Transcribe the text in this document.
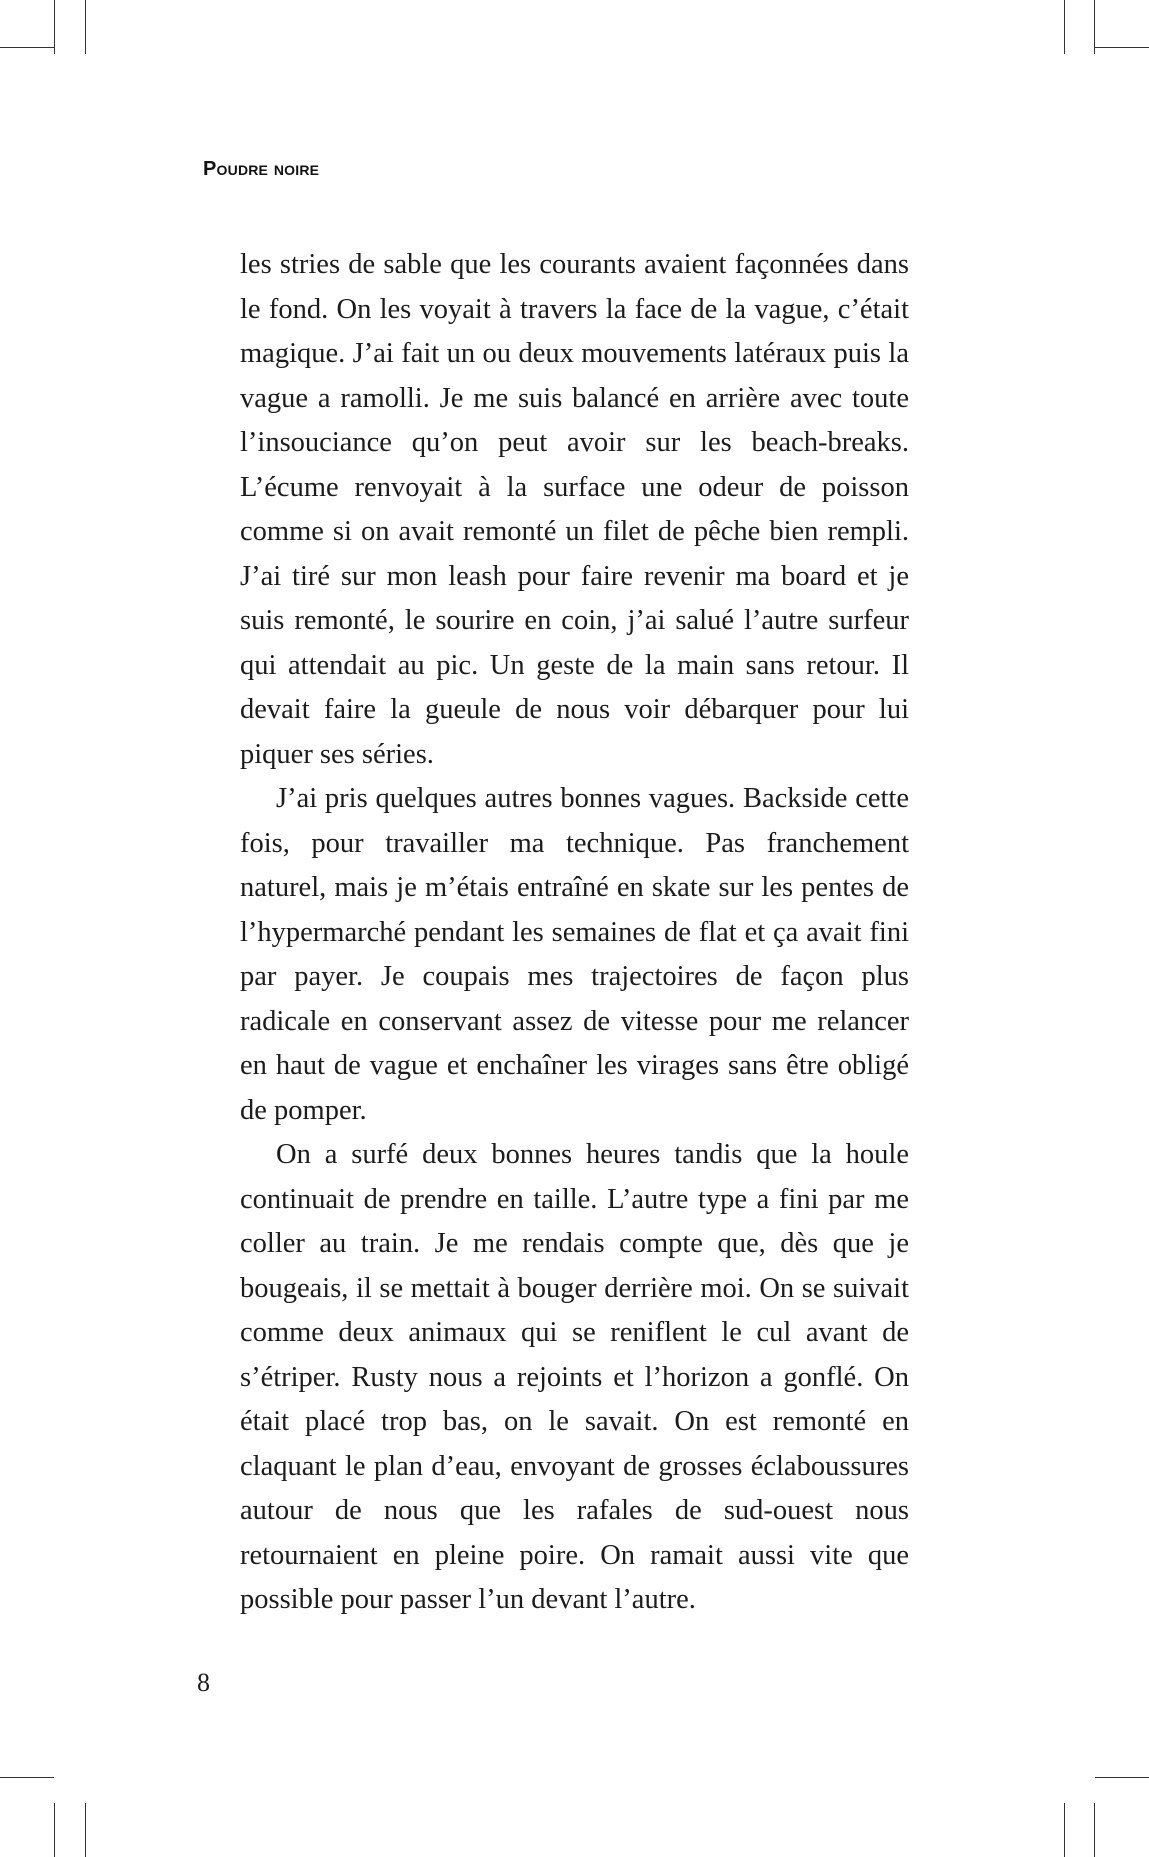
Poudre noire

les stries de sable que les courants avaient façonnées dans le fond. On les voyait à travers la face de la vague, c’était magique. J’ai fait un ou deux mouvements latéraux puis la vague a ramolli. Je me suis balancé en arrière avec toute l’insouciance qu’on peut avoir sur les beach-breaks. L’écume renvoyait à la surface une odeur de poisson comme si on avait remonté un filet de pêche bien rempli. J’ai tiré sur mon leash pour faire revenir ma board et je suis remonté, le sourire en coin, j’ai salué l’autre surfeur qui attendait au pic. Un geste de la main sans retour. Il devait faire la gueule de nous voir débarquer pour lui piquer ses séries.

J’ai pris quelques autres bonnes vagues. Backside cette fois, pour travailler ma technique. Pas franchement naturel, mais je m’étais entraîné en skate sur les pentes de l’hypermarché pendant les semaines de flat et ça avait fini par payer. Je coupais mes trajectoires de façon plus radicale en conservant assez de vitesse pour me relancer en haut de vague et enchaîner les virages sans être obligé de pomper.

On a surfé deux bonnes heures tandis que la houle continuait de prendre en taille. L’autre type a fini par me coller au train. Je me rendais compte que, dès que je bougeais, il se mettait à bouger derrière moi. On se suivait comme deux animaux qui se reniflent le cul avant de s’étriper. Rusty nous a rejoints et l’horizon a gonflé. On était placé trop bas, on le savait. On est remonté en claquant le plan d’eau, envoyant de grosses éclaboussures autour de nous que les rafales de sud-ouest nous retournaient en pleine poire. On ramait aussi vite que possible pour passer l’un devant l’autre.

8
